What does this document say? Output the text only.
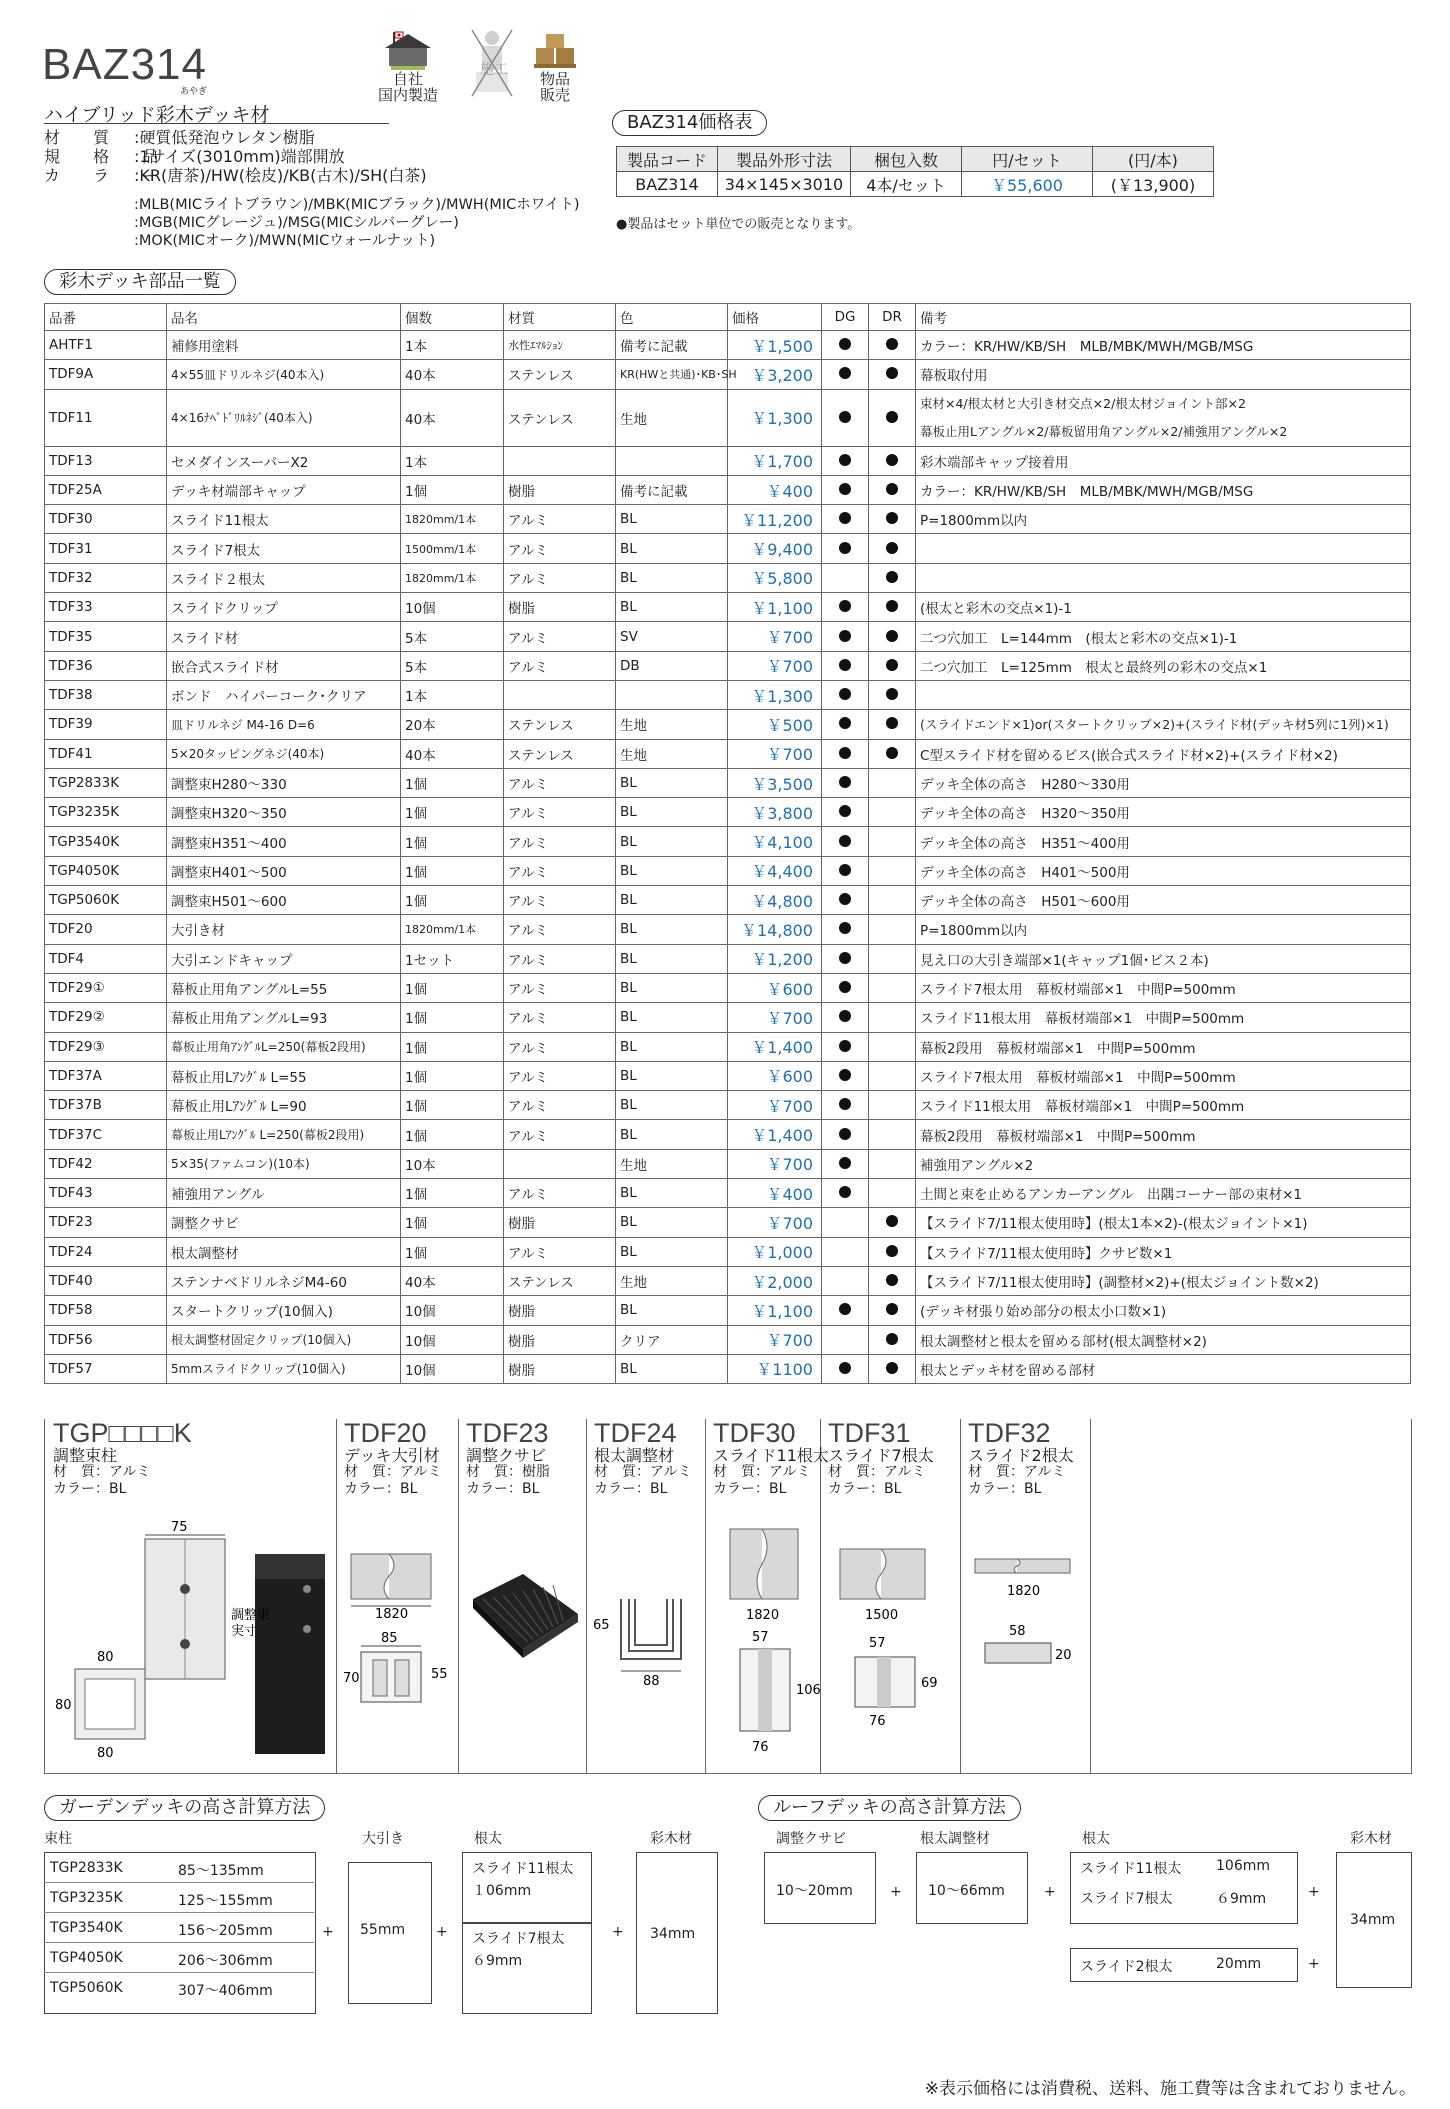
BAZ314
あやぎ
ハイブリッド彩木デッキ材
材 質 :硬質低発泡ウレタン樹脂
規 格 品:1サイズ(3010mm)端部開放
カ ラ ー:KR(唐茶)/HW(桧皮)/KB(古木)/SH(白茶)
:MLB(MICライトブラウン)/MBK(MICブラック)/MWH(MICホワイト)
:MGB(MICグレージュ)/MSG(MICシルバーグレー)
:MOK(MICオーク)/MWN(MICウォールナット)
自社
国内製造
施工	物品
販売
BAZ314価格表
製品コード	製品外形寸法	梱包入数	円/セット	(円/本)
BAZ314	34×145×3010	4本/セット	￥55,600	(￥13,900)
●製品はセット単位での販売となります。
彩木デッキ部品一覧
品番	品名	個数	材質	色	価格	DG	DR	備考
AHTF1	補修用塗料	1本	水性ｴﾏﾙｼｮﾝ	備考に記載	￥1,500			カラー：KR/HW/KB/SH　MLB/MBK/MWH/MGB/MSG
TDF9A	4×55皿ドリルネジ(40本入)	40本	ステンレス	KR(HWと共通)･KB･SH	￥3,200			幕板取付用
TDF11	4×16ﾅﾍﾞﾄﾞﾘﾙﾈｼﾞ(40本入)	40本	ステンレス	生地	￥1,300			束材×4/根太材と大引き材交点×2/根太材ジョイント部×2
幕板止用Lアングル×2/幕板留用角アングル×2/補強用アングル×2
TDF13	セメダインスーパーX2	1本			￥1,700			彩木端部キャップ接着用
TDF25A	デッキ材端部キャップ	1個	樹脂	備考に記載	￥400			カラー：KR/HW/KB/SH　MLB/MBK/MWH/MGB/MSG
TDF30	スライド11根太	1820mm/1本	アルミ	BL	￥11,200			P=1800mm以内
TDF31	スライド7根太	1500mm/1本	アルミ	BL	￥9,400			
TDF32	スライド２根太	1820mm/1本	アルミ	BL	￥5,800			
TDF33	スライドクリップ	10個	樹脂	BL	￥1,100			(根太と彩木の交点×1)-1
TDF35	スライド材	5本	アルミ	SV	￥700			二つ穴加工　L=144mm　(根太と彩木の交点×1)-1
TDF36	嵌合式スライド材	5本	アルミ	DB	￥700			二つ穴加工　L=125mm　根太と最終列の彩木の交点×1
TDF38	ボンド　ハイパーコーク･クリア	1本			￥1,300			
TDF39	皿ドリルネジ M4-16 D=6	20本	ステンレス	生地	￥500			(スライドエンド×1)or(スタートクリップ×2)+(スライド材(デッキ材5列に1列)×1)
TDF41	5×20タッピングネジ(40本)	40本	ステンレス	生地	￥700			C型スライド材を留めるビス(嵌合式スライド材×2)+(スライド材×2)
TGP2833K	調整束H280～330	1個	アルミ	BL	￥3,500			デッキ全体の高さ　H280～330用
TGP3235K	調整束H320～350	1個	アルミ	BL	￥3,800			デッキ全体の高さ　H320～350用
TGP3540K	調整束H351～400	1個	アルミ	BL	￥4,100			デッキ全体の高さ　H351～400用
TGP4050K	調整束H401～500	1個	アルミ	BL	￥4,400			デッキ全体の高さ　H401～500用
TGP5060K	調整束H501～600	1個	アルミ	BL	￥4,800			デッキ全体の高さ　H501～600用
TDF20	大引き材	1820mm/1本	アルミ	BL	￥14,800			P=1800mm以内
TDF4	大引エンドキャップ	1セット	アルミ	BL	￥1,200			見え口の大引き端部×1(キャップ1個･ビス２本)
TDF29①	幕板止用角アングルL=55	1個	アルミ	BL	￥600			スライド7根太用　幕板材端部×1　中間P=500mm
TDF29②	幕板止用角アングルL=93	1個	アルミ	BL	￥700			スライド11根太用　幕板材端部×1　中間P=500mm
TDF29③	幕板止用角ｱﾝｸﾞﾙL=250(幕板2段用)	1個	アルミ	BL	￥1,400			幕板2段用　幕板材端部×1　中間P=500mm
TDF37A	幕板止用Lｱﾝｸﾞﾙ L=55	1個	アルミ	BL	￥600			スライド7根太用　幕板材端部×1　中間P=500mm
TDF37B	幕板止用Lｱﾝｸﾞﾙ L=90	1個	アルミ	BL	￥700			スライド11根太用　幕板材端部×1　中間P=500mm
TDF37C	幕板止用Lｱﾝｸﾞﾙ L=250(幕板2段用)	1個	アルミ	BL	￥1,400			幕板2段用　幕板材端部×1　中間P=500mm
TDF42	5×35(ファムコン)(10本)	10本		生地	￥700			補強用アングル×2
TDF43	補強用アングル	1個	アルミ	BL	￥400			土間と束を止めるアンカーアングル　出隅コーナー部の束材×1
TDF23	調整クサビ	1個	樹脂	BL	￥700			【スライド7/11根太使用時】(根太1本×2)-(根太ジョイント×1)
TDF24	根太調整材	1個	アルミ	BL	￥1,000			【スライド7/11根太使用時】クサビ数×1
TDF40	ステンナベドリルネジM4-60	40本	ステンレス	生地	￥2,000			【スライド7/11根太使用時】(調整材×2)+(根太ジョイント数×2)
TDF58	スタートクリップ(10個入)	10個	樹脂	BL	￥1,100			(デッキ材張り始め部分の根太小口数×1)
TDF56	根太調整材固定クリップ(10個入)	10個	樹脂	クリア	￥700			根太調整材と根太を留める部材(根太調整材×2)
TDF57	5mmスライドクリップ(10個入)	10個	樹脂	BL	￥1100			根太とデッキ材を留める部材
TGP□□□□K
調整束柱
材　質：アルミ
カラー：BL
TDF20
デッキ大引材
材　質：アルミ
カラー：BL
TDF23
調整クサビ
材　質：樹脂
カラー：BL
TDF24
根太調整材
材　質：アルミ
カラー：BL
TDF30
スライド11根太
材　質：アルミ
カラー：BL
TDF31
スライド7根太
材　質：アルミ
カラー：BL
TDF32
スライド2根太
材　質：アルミ
カラー：BL
75
80
80
80
調整束
実寸
1820
85
70	55
65
88
1820
57
106
76
1500
57
69
76
1820
58
20
ガーデンデッキの高さ計算方法
束柱	大引き	根太	彩木材
TGP2833K	85～135mm
TGP3235K	125～155mm
TGP3540K	156～205mm
TGP4050K	206～306mm
TGP5060K	307～406mm
+ 55mm +
スライド11根太
１06mm
スライド7根太
６9mm
+ 34mm
ルーフデッキの高さ計算方法
調整クサビ	根太調整材	根太	彩木材
10～20mm	+ 10～66mm	+
スライド11根太 106mm
スライド7根太	６9mm	+
スライド2根太	20mm	+
34mm
※表示価格には消費税、送料、施工費等は含まれておりません。
